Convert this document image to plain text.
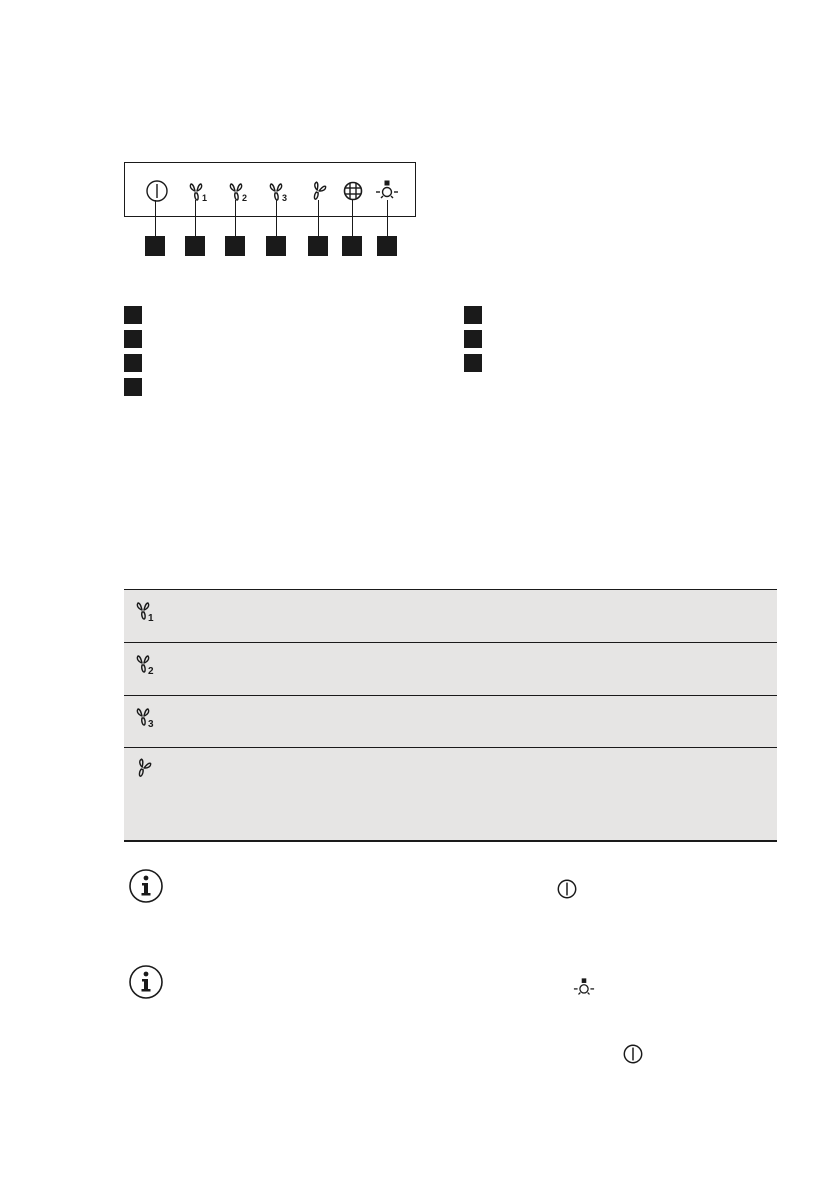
1	2	3
1
2
3
